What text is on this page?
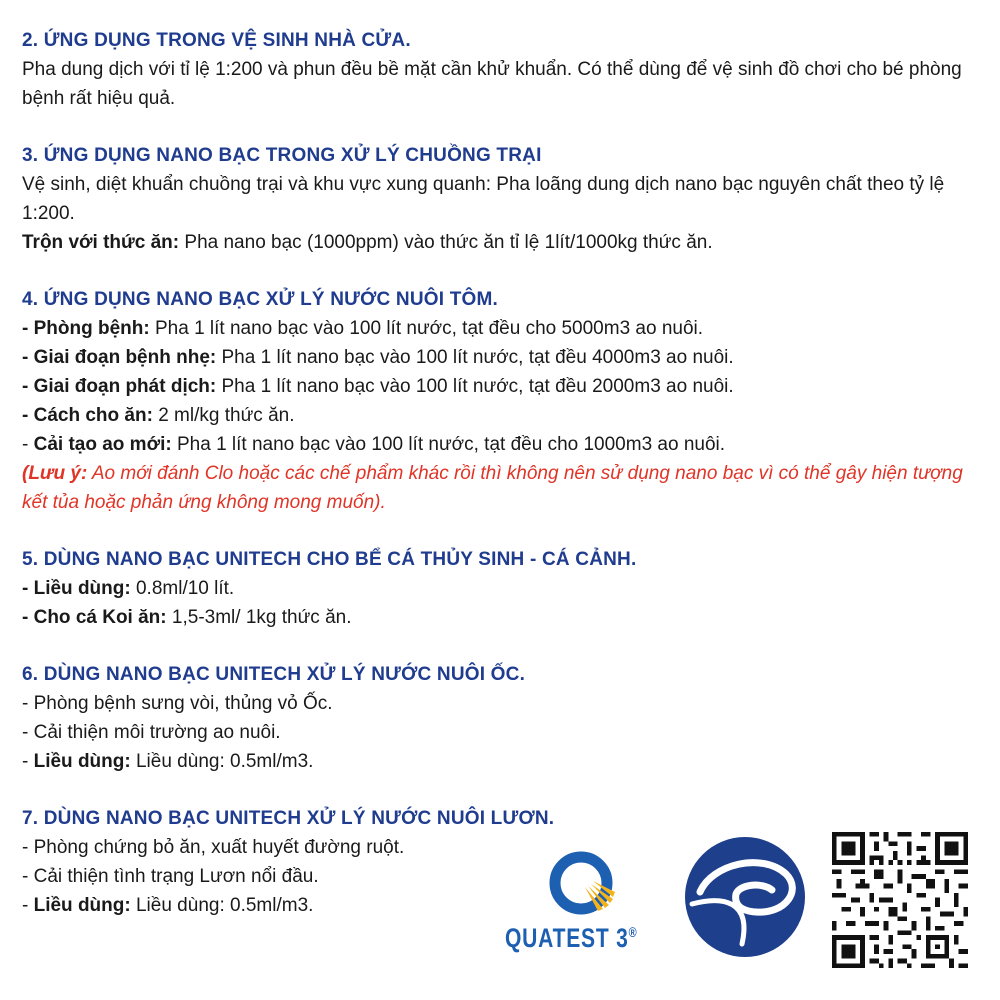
2. ỨNG DỤNG TRONG VỆ SINH NHÀ CỬA.
Pha dung dịch với tỉ lệ 1:200 và phun đều bề mặt cần khử khuẩn. Có thể dùng để vệ sinh đồ chơi cho bé phòng bệnh rất hiệu quả.
3. ỨNG DỤNG NANO BẠC TRONG XỬ LÝ CHUỒNG TRẠI
Vệ sinh, diệt khuẩn chuồng trại và khu vực xung quanh: Pha loãng dung dịch nano bạc nguyên chất theo tỷ lệ 1:200.
Trộn với thức ăn: Pha nano bạc (1000ppm) vào thức ăn tỉ lệ 1lít/1000kg thức ăn.
4. ỨNG DỤNG NANO BẠC XỬ LÝ NƯỚC NUÔI TÔM.
- Phòng bệnh: Pha 1 lít nano bạc vào 100 lít nước, tạt đều cho 5000m3 ao nuôi.
- Giai đoạn bệnh nhẹ: Pha 1 lít nano bạc vào 100 lít nước, tạt đều 4000m3 ao nuôi.
- Giai đoạn phát dịch: Pha 1 lít nano bạc vào 100 lít nước, tạt đều 2000m3 ao nuôi.
- Cách cho ăn: 2 ml/kg thức ăn.
- Cải tạo ao mới: Pha 1 lít nano bạc vào 100 lít nước, tạt đều cho 1000m3 ao nuôi.
(Lưu ý: Ao mới đánh Clo hoặc các chế phẩm khác rồi thì không nên sử dụng nano bạc vì có thể gây hiện tượng kết tủa hoặc phản ứng không mong muốn).
5. DÙNG NANO BẠC UNITECH CHO BỂ CÁ THỦY SINH - CÁ CẢNH.
- Liều dùng: 0.8ml/10 lít.
- Cho cá Koi ăn: 1,5-3ml/ 1kg thức ăn.
6. DÙNG NANO BẠC UNITECH XỬ LÝ NƯỚC NUÔI ỐC.
- Phòng bệnh sưng vòi, thủng vỏ Ốc.
- Cải thiện môi trường ao nuôi.
- Liều dùng: Liều dùng: 0.5ml/m3.
7. DÙNG NANO BẠC UNITECH XỬ LÝ NƯỚC NUÔI LƯƠN.
- Phòng chứng bỏ ăn, xuất huyết đường ruột.
- Cải thiện tình trạng Lươn nổi đầu.
- Liều dùng: Liều dùng: 0.5ml/m3.
QUATEST 3®
